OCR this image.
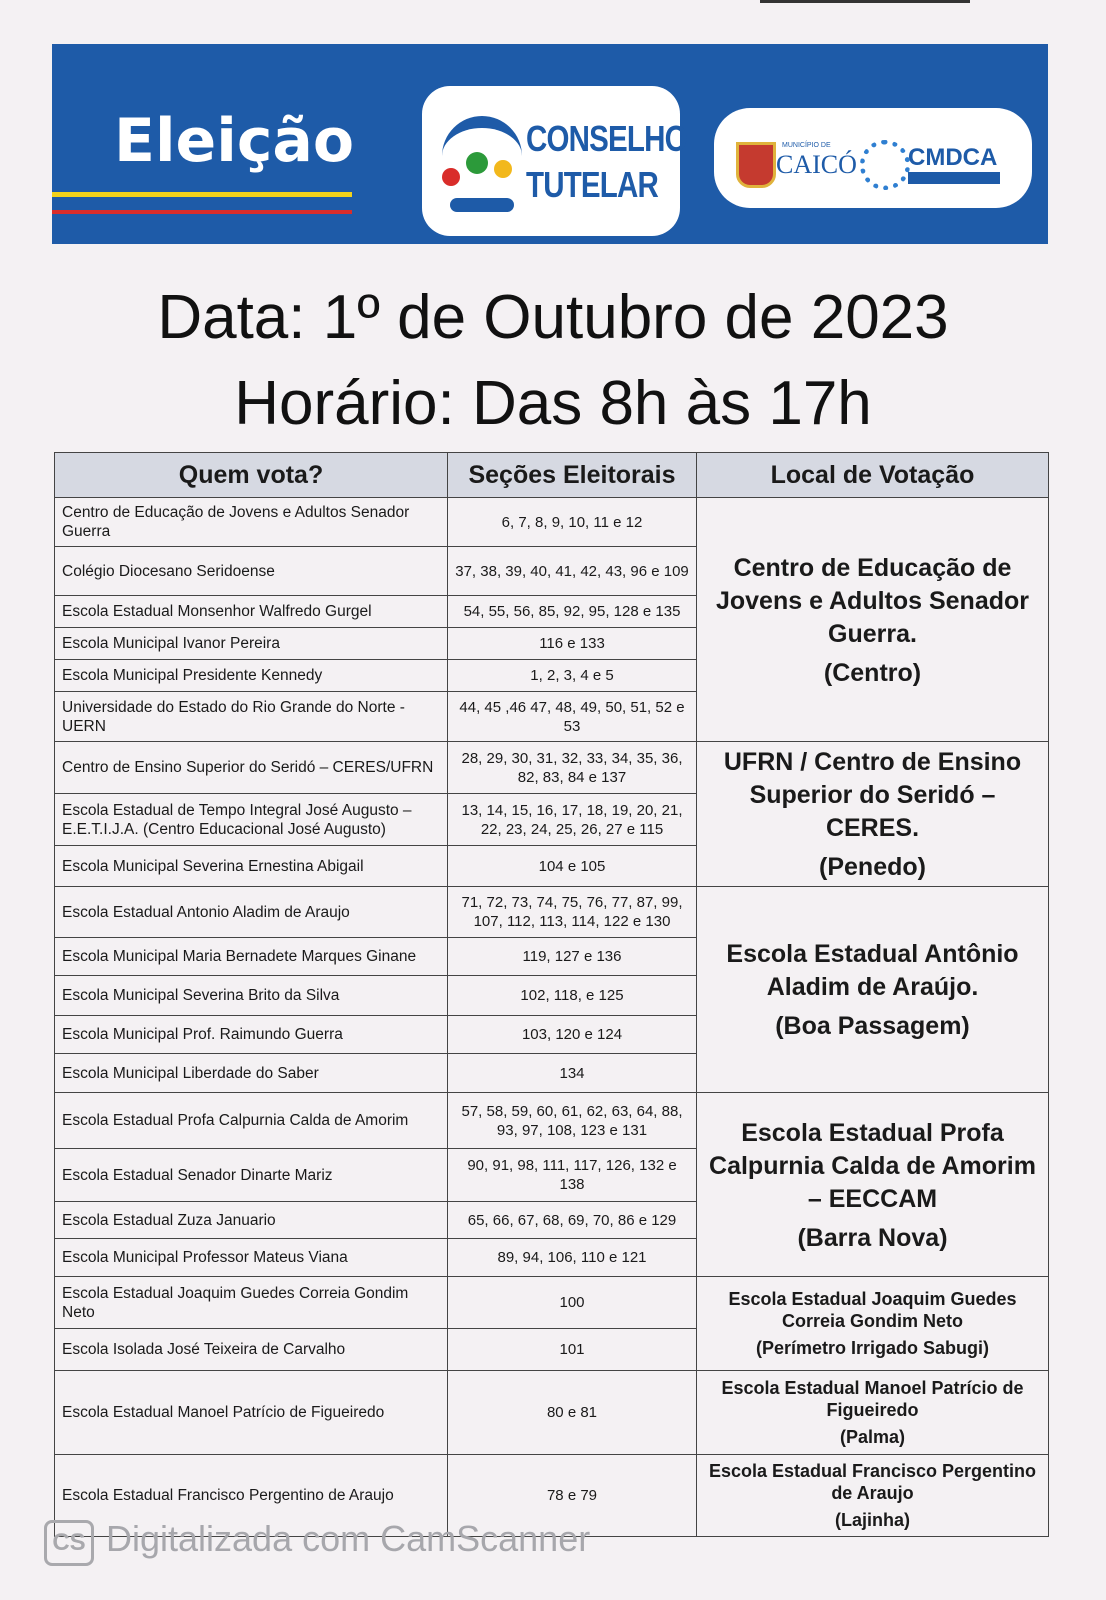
Eleição	CONSELHO
TUTELAR
MUNICÍPIO DE
CAICÓ CMDCA
Data: 1º de Outubro de 2023
Horário: Das 8h às 17h
Quem vota?	Seções Eleitorais	Local de Votação
Centro de Educação de Jovens e Adultos Senador Guerra	6, 7, 8, 9, 10, 11 e 12	Centro de Educação de Jovens e Adultos Senador Guerra.
(Centro)

Colégio Diocesano Seridoense	37, 38, 39, 40, 41, 42, 43, 96 e 109	
Escola Estadual Monsenhor Walfredo Gurgel	54, 55, 56, 85, 92, 95, 128 e 135	
Escola Municipal Ivanor Pereira	116 e 133	
Escola Municipal Presidente Kennedy	1, 2, 3, 4 e 5	
Universidade do Estado do Rio Grande do Norte - UERN	44, 45 ,46 47, 48, 49, 50, 51, 52 e 53	
Centro de Ensino Superior do Seridó – CERES/UFRN	28, 29, 30, 31, 32, 33, 34, 35, 36, 82, 83, 84 e 137	UFRN / Centro de Ensino Superior do Seridó – CERES.
(Penedo)

Escola Estadual de Tempo Integral José Augusto – E.E.T.I.J.A. (Centro Educacional José Augusto)	13, 14, 15, 16, 17, 18, 19, 20, 21, 22, 23, 24, 25, 26, 27 e 115	
Escola Municipal Severina Ernestina Abigail	104 e 105	
Escola Estadual Antonio Aladim de Araujo	71, 72, 73, 74, 75, 76, 77, 87, 99, 107, 112, 113, 114, 122 e 130	Escola Estadual Antônio Aladim de Araújo.
(Boa Passagem)

Escola Municipal Maria Bernadete Marques Ginane	119, 127 e 136	
Escola Municipal Severina Brito da Silva	102, 118, e 125	
Escola Municipal Prof. Raimundo Guerra	103, 120 e 124	
Escola Municipal Liberdade do Saber	134	
Escola Estadual Profa Calpurnia Calda de Amorim	57, 58, 59, 60, 61, 62, 63, 64, 88, 93, 97, 108, 123 e 131	Escola Estadual Profa Calpurnia Calda de Amorim – EECCAM
(Barra Nova)

Escola Estadual Senador Dinarte Mariz	90, 91, 98, 111, 117, 126, 132 e 138	
Escola Estadual Zuza Januario	65, 66, 67, 68, 69, 70, 86 e 129	
Escola Municipal Professor Mateus Viana	89, 94, 106, 110 e 121	
Escola Estadual Joaquim Guedes Correia Gondim Neto	100	Escola Estadual Joaquim Guedes Correia Gondim Neto
(Perímetro Irrigado Sabugi)

Escola Isolada José Teixeira de Carvalho	101	
Escola Estadual Manoel Patrício de Figueiredo	80 e 81	Escola Estadual Manoel Patrício de Figueiredo
(Palma)

Escola Estadual Francisco Pergentino de Araujo	78 e 79	Escola Estadual Francisco Pergentino de Araujo
(Lajinha)
CS Digitalizada com CamScanner
